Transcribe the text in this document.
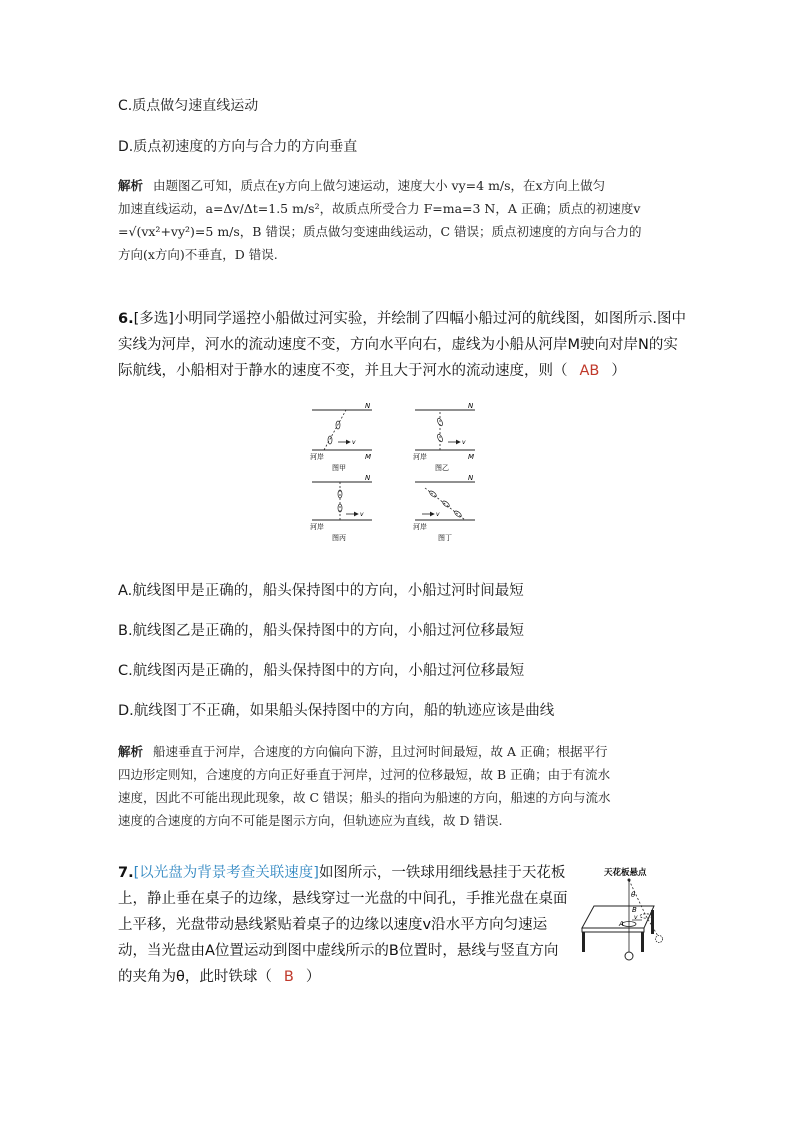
C.质点做匀速直线运动
D.质点初速度的方向与合力的方向垂直
解析 由题图乙可知，质点在y方向上做匀速运动，速度大小 vy=4 m/s，在x方向上做匀
加速直线运动，a=Δv/Δt=1.5 m/s²，故质点所受合力 F=ma=3 N，A 正确；质点的初速度v
=√(vx²+vy²)=5 m/s，B 错误；质点做匀变速曲线运动，C 错误；质点初速度的方向与合力的
方向(x方向)不垂直，D 错误.
6.[多选]小明同学遥控小船做过河实验，并绘制了四幅小船过河的航线图，如图所示.图中
实线为河岸，河水的流动速度不变，方向水平向右，虚线为小船从河岸M驶向对岸N的实
际航线，小船相对于静水的速度不变，并且大于河水的流动速度，则（ AB ）
N
M
河岸
v
图甲
N
M
河岸
v
图乙
N
河岸
v
图丙
N
河岸
v
图丁
A.航线图甲是正确的，船头保持图中的方向，小船过河时间最短
B.航线图乙是正确的，船头保持图中的方向，小船过河位移最短
C.航线图丙是正确的，船头保持图中的方向，小船过河位移最短
D.航线图丁不正确，如果船头保持图中的方向，船的轨迹应该是曲线
解析 船速垂直于河岸，合速度的方向偏向下游，且过河时间最短，故 A 正确；根据平行
四边形定则知，合速度的方向正好垂直于河岸，过河的位移最短，故 B 正确；由于有流水
速度，因此不可能出现此现象，故 C 错误；船头的指向为船速的方向，船速的方向与流水
速度的合速度的方向不可能是图示方向，但轨迹应为直线，故 D 错误.
7.[以光盘为背景考查关联速度]如图所示，一铁球用细线悬挂于天花板
上，静止垂在桌子的边缘，悬线穿过一光盘的中间孔，手推光盘在桌面
上平移，光盘带动悬线紧贴着桌子的边缘以速度v沿水平方向匀速运
动，当光盘由A位置运动到图中虚线所示的B位置时，悬线与竖直方向
的夹角为θ，此时铁球（ B ）
天花板悬点
A
B
θ
v
